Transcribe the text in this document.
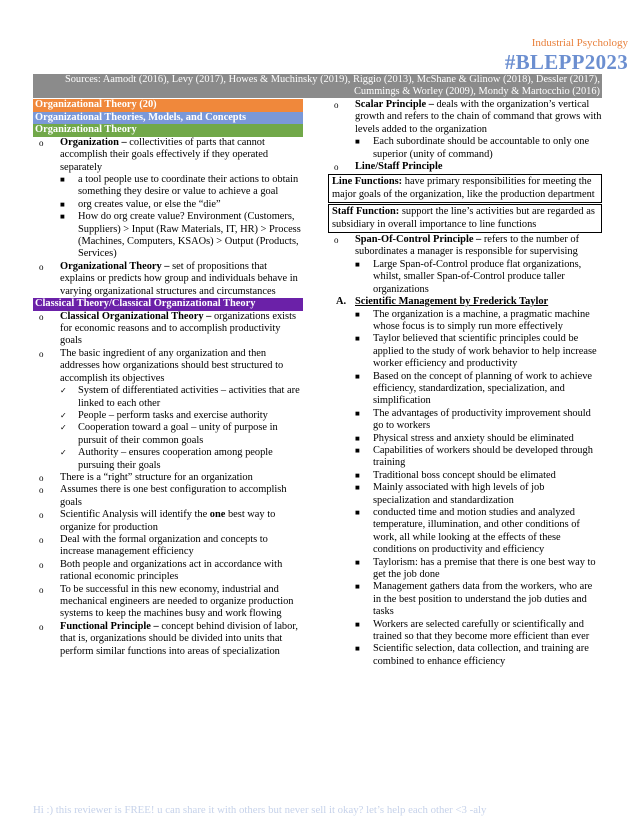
Industrial Psychology
#BLEPP2023
Sources: Aamodt (2016), Levy (2017), Howes & Muchinsky (2019), Riggio (2013), McShane & Glinow (2018), Dessler (2017), Cummings & Worley (2009), Mondy & Martocchio (2016)
Organizational Theory (20)
Organizational Theories, Models, and Concepts
Organizational Theory
o Organization – collectivities of parts that cannot accomplish their goals effectively if they operated separately
■ a tool people use to coordinate their actions to obtain something they desire or value to achieve a goal
■ org creates value, or else the “die”
■ How do org create value? Environment (Customers, Suppliers) > Input (Raw Materials, IT, HR) > Process (Machines, Computers, KSAOs) > Output (Products, Services)
o Organizational Theory – set of propositions that explains or predicts how group and individuals behave in varying organizational structures and circumstances
Classical Theory/Classical Organizational Theory
o Classical Organizational Theory – organizations exists for economic reasons and to accomplish productivity goals
o The basic ingredient of any organization and then addresses how organizations should best structured to accomplish its objectives
✓ System of differentiated activities – activities that are linked to each other
✓ People – perform tasks and exercise authority
✓ Cooperation toward a goal – unity of purpose in pursuit of their common goals
✓ Authority – ensures cooperation among people pursuing their goals
o There is a “right” structure for an organization
o Assumes there is one best configuration to accomplish goals
o Scientific Analysis will identify the one best way to organize for production
o Deal with the formal organization and concepts to increase management efficiency
o Both people and organizations act in accordance with rational economic principles
o To be successful in this new economy, industrial and mechanical engineers are needed to organize production systems to keep the machines busy and work flowing
o Functional Principle – concept behind division of labor, that is, organizations should be divided into units that perform similar functions into areas of specialization
o Scalar Principle – deals with the organization’s vertical growth and refers to the chain of command that grows with levels added to the organization
■ Each subordinate should be accountable to only one superior (unity of command)
o Line/Staff Principle
Line Functions: have primary responsibilities for meeting the major goals of the organization, like the production department
Staff Function: support the line’s activities but are regarded as subsidiary in overall importance to line functions
o Span-Of-Control Principle – refers to the number of subordinates a manager is responsible for supervising
■ Large Span-of-Control produce flat organizations, whilst, smaller Span-of-Control produce taller organizations
A. Scientific Management by Frederick Taylor
■ The organization is a machine, a pragmatic machine whose focus is to simply run more effectively
■ Taylor believed that scientific principles could be applied to the study of work behavior to help increase worker efficiency and productivity
■ Based on the concept of planning of work to achieve efficiency, standardization, specialization, and simplification
■ The advantages of productivity improvement should go to workers
■ Physical stress and anxiety should be eliminated
■ Capabilities of workers should be developed through training
■ Traditional boss concept should be elimated
■ Mainly associated with high levels of job specialization and standardization
■ conducted time and motion studies and analyzed temperature, illumination, and other conditions of work, all while looking at the effects of these conditions on productivity and efficiency
■ Taylorism: has a premise that there is one best way to get the job done
■ Management gathers data from the workers, who are in the best position to understand the job duties and tasks
■ Workers are selected carefully or scientifically and trained so that they become more efficient than ever
■ Scientific selection, data collection, and training are combined to enhance efficiency
Hi :) this reviewer is FREE! u can share it with others but never sell it okay? let’s help each other <3 -aly
